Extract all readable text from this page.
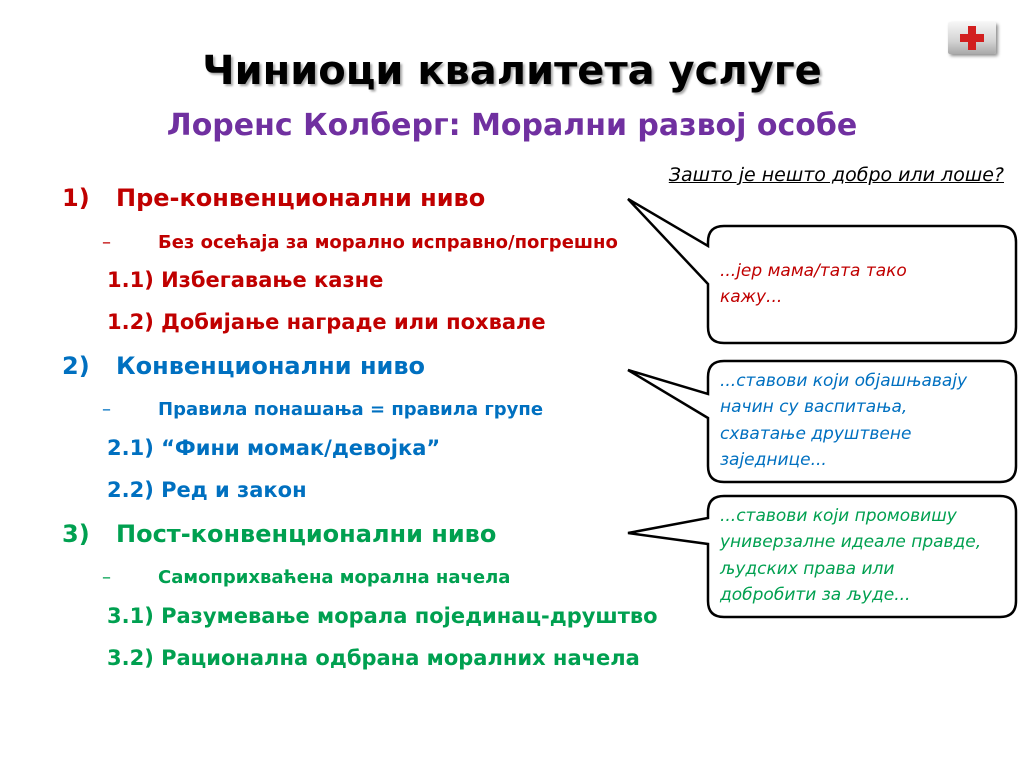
Чиниоци квалитета услуге
Лоренс Колберг: Морални развој особе

Зашто је нешто добро или лоше?

1) Пре-конвенционални ниво

–	Без осећаја за морално исправно/погрешно

1.1) Избегавање казне

1.2) Добијање награде или похвале

2) Конвенционални ниво

–	Правила понашања = правила групе

2.1) “Фини момак/девојка”

2.2) Ред и закон

3) Пост-конвенционални ниво

–	Самоприхваћена морална начела

3.1) Разумевање морала појединац-друштво

3.2) Рационална одбрана моралних начела

...јер мама/тата тако
кажу...
...ставови који објашњавају
начин су васпитања,
схватање друштвене
заједнице...
...ставови који промовишу
универзалне идеале правде,
људских права или
добробити за људе...
